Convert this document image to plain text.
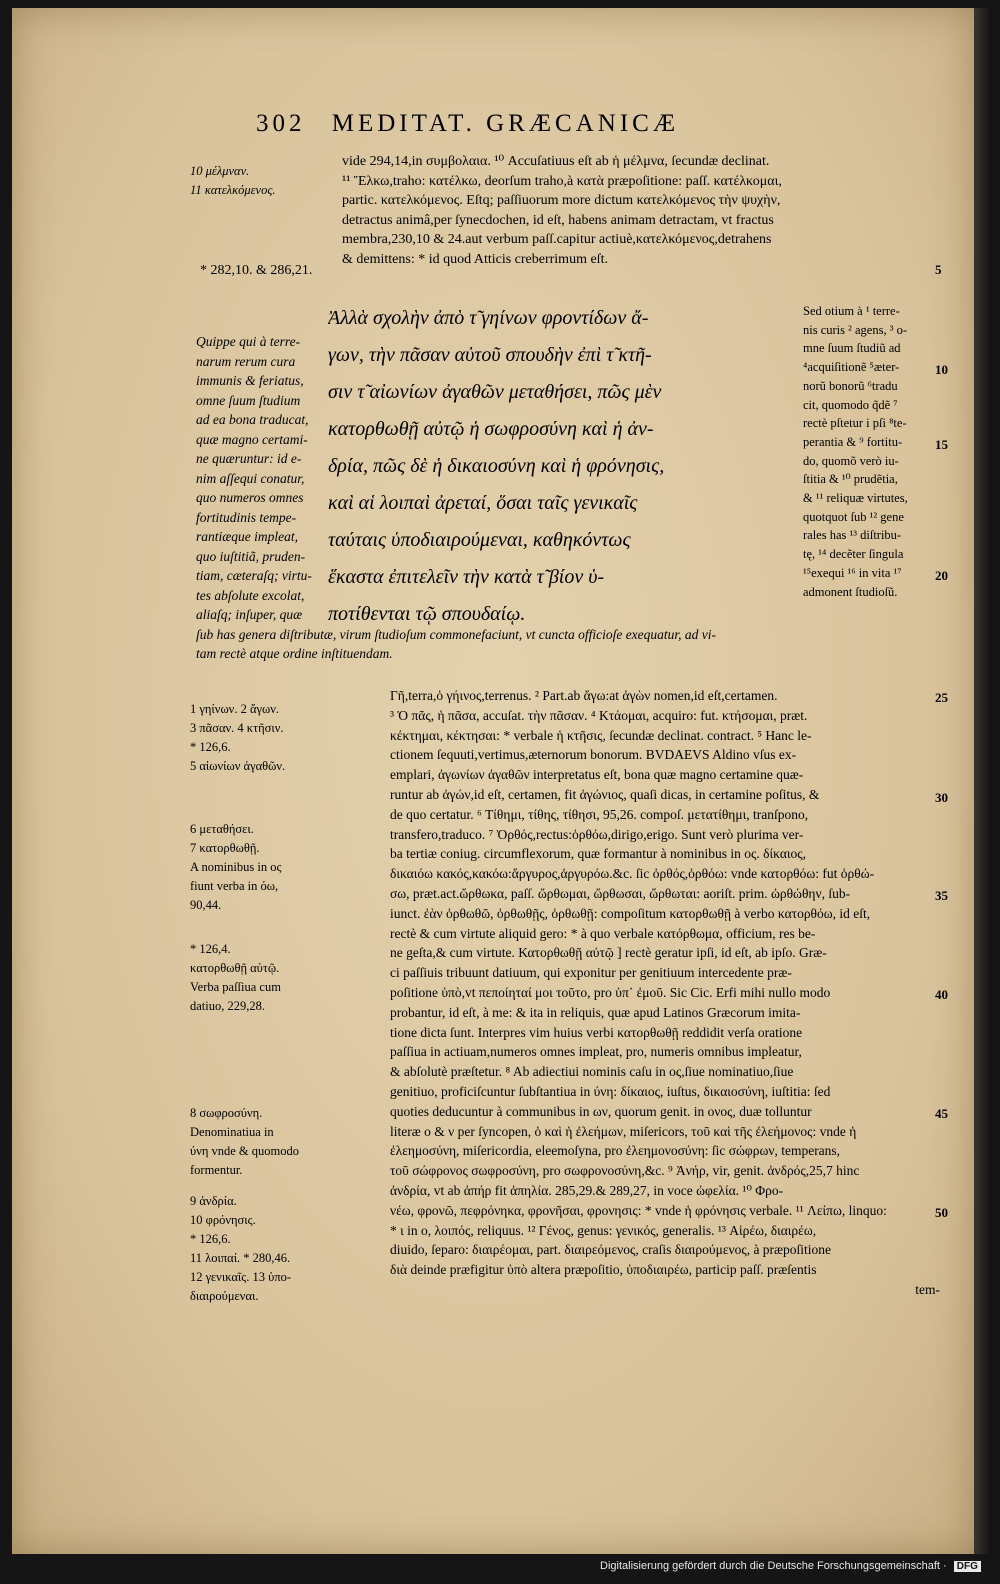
302 MEDITAT. GRÆCANICÆ
10 μέλμναν.
11 κατελκόμενος.
vide 294,14,in συμβολαια. ¹⁰ Accuſatiuus eſt ab ἡ μέλμνα, ſecundæ declinat.
¹¹ Ἕλκω,traho: κατέλκω, deorſum traho,à κατὰ præpoſitione: paſſ. κατέλκομαι,
partic. κατελκόμενος. Eſtq; paſſiuorum more dictum κατελκόμενος τὴν ψυχὴν,
detractus animâ,per ſynecdochen, id eſt, habens animam detractam, vt fractus
membra,230,10 & 24.aut verbum paſſ.capitur actiuè,κατελκόμενος,detrahens
& demittens: * id quod Atticis creberrimum eſt.
* 282,10. & 286,21.
Ἀλλὰ σχολὴν ἀπὸ τ̃ γηίνων φροντίδων ἄ-
γων, τὴν πᾶσαν αὐτοῦ σπουδὴν ἐπὶ τ̃ κτῆ-
σιν τ̃ αἰωνίων ἀγαθῶν μεταθήσει, πῶς μὲν
κατορθωθῇ αὐτῷ ἡ σωφροσύνη καὶ ἡ ἀν-
δρία, πῶς δὲ ἡ δικαιοσύνη καὶ ἡ φρόνησις,
καὶ αἱ λοιπαὶ ἀρεταί, ὅσαι ταῖς γενικαῖς
ταύταις ὑποδιαιρούμεναι, καθηκόντως
ἕκαστα ἐπιτελεῖν τὴν κατὰ τ̃ βίον ὑ-
ποτίθενται τῷ σπουδαίῳ.
Sed otium à ¹ terre-
nis curis ² agens, ³ o-
mne ſuum ſtudiũ ad
⁴acquiſitionẽ ⁵æter-
norũ bonorũ ⁶tradu
cit, quomodo q̃dẽ ⁷
rectè pſtetur i pſi ⁸te-
perantia & ⁹ fortitu-
do, quomõ verò iu-
ſtitia & ¹⁰ prudẽtia,
& ¹¹ reliquæ virtutes,
quotquot ſub ¹² gene
rales has ¹³ diſtribu-
tę, ¹⁴ decẽter ſingula
¹⁵exequi ¹⁶ in vita ¹⁷
admonent ſtudioſũ.
Quippe qui à terre-
narum rerum cura
immunis & feriatus,
omne ſuum ſtudium
ad ea bona traducat,
quæ magno certami-
ne quæruntur: id e-
nim aſſequi conatur,
quo numeros omnes
fortitudinis tempe-
rantiæque impleat,
quo iuſtitiã, pruden-
tiam, cæteraſq; virtu-
tes abſolute excolat,
aliaſq; inſuper, quæ
ſub has genera diſtributæ, virum ſtudioſum commonefaciunt, vt cuncta officioſe exequatur, ad vi-
tam rectè atque ordine inſtituendam.
1 γηίνων. 2 ἄγων.
3 πᾶσαν. 4 κτῆσιν.
* 126,6.
5 αἰωνίων ἀγαθῶν.
6 μεταθήσει.
7 κατορθωθῇ.
A nominibus in ος
fiunt verba in όω,
90,44.
* 126,4.
κατορθωθῇ αὐτῷ.
Verba paſſiua cum
datiuo, 229,28.
8 σωφροσύνη.
Denominatiua in
ύνη vnde & quomodo
formentur.
9 ἀνδρία.
10 φρόνησις.
* 126,6.
11 λοιπαί. * 280,46.
12 γενικαῖς. 13 ὑπο-
διαιρούμεναι.
Γῆ,terra,ὁ γήινος,terrenus. ² Part.ab ἄγω:at ἀγὼν nomen,id eſt,certamen.
³ Ὁ πᾶς, ἡ πᾶσα, accuſat. τὴν πᾶσαν. ⁴ Κτάομαι, acquiro: fut. κτήσομαι, præt.
κέκτημαι, κέκτησαι: * verbale ἡ κτῆσις, ſecundæ declinat. contract. ⁵ Hanc le-
ctionem ſequuti,vertimus,æternorum bonorum. BVDAEVS Aldino vſus ex-
emplari, ἀγωνίων ἀγαθῶν interpretatus eſt, bona quæ magno certamine quæ-
runtur ab ἀγών,id eſt, certamen, fit ἀγώνιος, quaſi dicas, in certamine poſitus, &
de quo certatur. ⁶ Τίθημι, τίθης, τίθησι, 95,26. compoſ. μετατίθημι, tranſpono,
transfero,traduco. ⁷ Ὀρθός,rectus:ὀρθόω,dirigo,erigo. Sunt verò plurima ver-
ba tertiæ coniug. circumflexorum, quæ formantur à nominibus in ος. δίκαιος,
δικαιόω κακός,κακόω:ἄργυρος,ἀργυρόω.&c. ſic ὀρθός,ὀρθόω: vnde κατορθόω: fut ὀρθώ-
σω, præt.act.ὤρθωκα, paſſ. ὤρθωμαι, ὤρθωσαι, ὤρθωται: aoriſt. prim. ὠρθώθην, ſub-
iunct. ἐὰν ὀρθωθῶ, ὀρθωθῇς, ὀρθωθῇ: compoſitum κατορθωθῇ à verbo κατορθόω, id eſt,
rectè & cum virtute aliquid gero: * à quo verbale κατόρθωμα, officium, res be-
ne geſta,& cum virtute. Κατορθωθῇ αὐτῷ ] rectè geratur ipſi, id eſt, ab ipſo. Græ-
ci paſſiuis tribuunt datiuum, qui exponitur per genitiuum intercedente præ-
poſitione ὑπὸ,vt πεποίηταί μοι τοῦτο, pro ὑπ᾽ ἐμοῦ. Sic Cic. Erfi mihi nullo modo
probantur, id eſt, à me: & ita in reliquis, quæ apud Latinos Græcorum imita-
tione dicta ſunt. Interpres vim huius verbi κατορθωθῇ reddidit verſa oratione
paſſiua in actiuam,numeros omnes impleat, pro, numeris omnibus impleatur,
& abſolutè præſtetur. ⁸ Ab adiectiui nominis caſu in ος,ſiue nominatiuo,ſiue
genitiuo, proficiſcuntur ſubſtantiua in ύνη: δίκαιος, iuſtus, δικαιοσύνη, iuſtitia: ſed
quoties deducuntur à communibus in ων, quorum genit. in ονος, duæ tolluntur
literæ ο & ν per ſyncopen, ὁ καὶ ἡ ἐλεήμων, miſericors, τοῦ καὶ τῆς ἐλεήμονος: vnde ἡ
ἐλεημοσύνη, miſericordia, eleemoſyna, pro ἐλεημονοσύνη: ſic σώφρων, temperans,
τοῦ σώφρονος σωφροσύνη, pro σωφρονοσύνη,&c. ⁹ Ἀνήρ, vir, genit. ἀνδρός,25,7 hinc
ἀνδρία, vt ab ἀπήρ fit ἀπηλία. 285,29.& 289,27, in voce ὠφελία. ¹⁰ Φρο-
νέω, φρονῶ, πεφρόνηκα, φρονῆσαι, φρονησις: * vnde ἡ φρόνησις verbale. ¹¹ Λείπω, linquo:
* ι in ο, λοιπός, reliquus. ¹² Γένος, genus: γενικός, generalis. ¹³ Αἱρέω, διαιρέω,
diuido, ſeparo: διαιρέομαι, part. διαιρεόμενος, craſis διαιρούμενος, à præpoſitione
διὰ deinde præfigitur ὑπὸ altera præpoſitio, ὑποδιαιρέω, particip paſſ. præſentis
tem-
5
10
15
20
25
30
35
40
45
50
Digitalisierung gefördert durch die Deutsche Forschungsgemeinschaft · DFG
